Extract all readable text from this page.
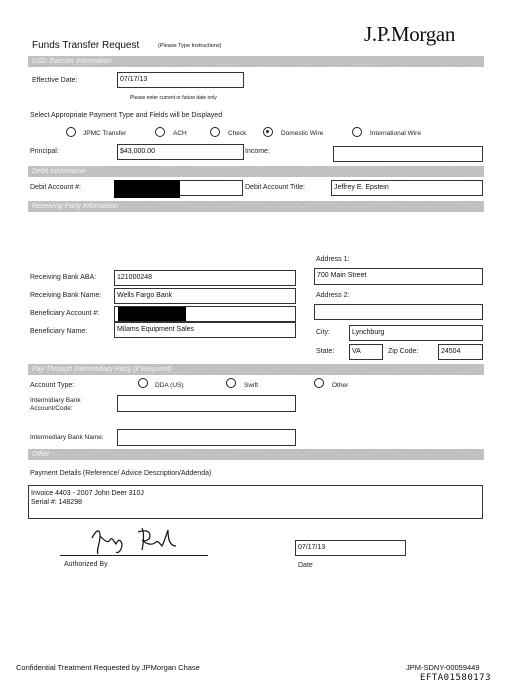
Funds Transfer Request	(Please Type Instructions)	J.P.Morgan
USD Transfer Information
Effective Date:	07/17/13
Please enter current or future date only
Select Appropriate Payment Type and Fields will be Displayed
JPMC Transfer	ACH	Check	Domestic Wire	International Wire
Principal:	$43,000.00	Income:
Debit Information
Debit Account #:	Debit Account Title:	Jeffrey E. Epstein
Receiving Party Information
Address 1:
700 Main Street
Receiving Bank ABA:	121000248
Receiving Bank Name:	Wells Fargo Bank	Address 2:
Beneficiary Account #:
Beneficiary Name:	Milams Equipment Sales	City:	Lynchburg
State:	VA	Zip Code:	24504
Pay Through Intermediary Party (if Required)
Account Type:	DDA (US)	Swift	Other
Intermidiary Bank
Account/Code:
Intermediary Bank Name:
Other
Payment Details (Reference/ Advice Description/Addenda)
Invoice 4403 - 2007 John Deer 310J
Serial #: 148298
Authorized By
07/17/13
Date
Confidential Treatment Requested by JPMorgan Chase	JPM-SDNY-00059449
EFTA01580173
